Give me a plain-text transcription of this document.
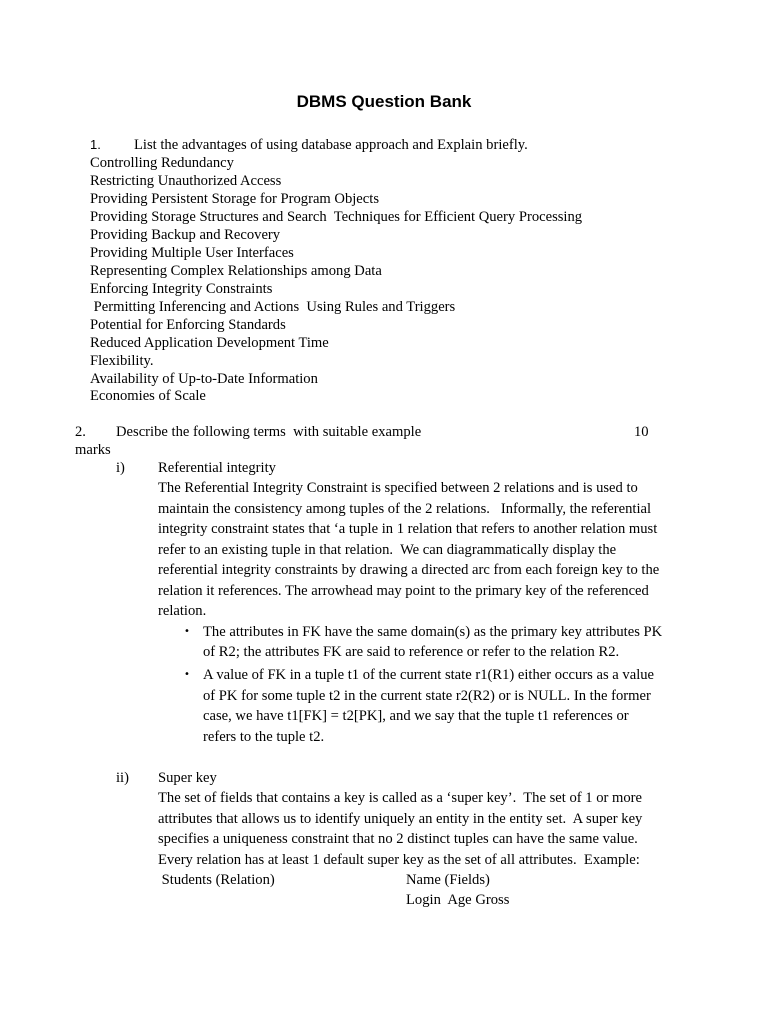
DBMS Question Bank
1. List the advantages of using database approach and Explain briefly.
Controlling Redundancy
Restricting Unauthorized Access
Providing Persistent Storage for Program Objects
Providing Storage Structures and Search  Techniques for Efficient Query Processing
Providing Backup and Recovery
Providing Multiple User Interfaces
Representing Complex Relationships among Data
Enforcing Integrity Constraints
Permitting Inferencing and Actions  Using Rules and Triggers
Potential for Enforcing Standards
Reduced Application Development Time
Flexibility.
Availability of Up-to-Date Information
Economies of Scale
2. Describe the following terms  with suitable example	10
marks
i) Referential integrity
The Referential Integrity Constraint is specified between 2 relations and is used to
maintain the consistency among tuples of the 2 relations.   Informally, the referential
integrity constraint states that ‘a tuple in 1 relation that refers to another relation must
refer to an existing tuple in that relation.  We can diagrammatically display the
referential integrity constraints by drawing a directed arc from each foreign key to the
relation it references. The arrowhead may point to the primary key of the referenced
relation.
• The attributes in FK have the same domain(s) as the primary key attributes PK
of R2; the attributes FK are said to reference or refer to the relation R2.
• A value of FK in a tuple t1 of the current state r1(R1) either occurs as a value
of PK for some tuple t2 in the current state r2(R2) or is NULL. In the former
case, we have t1[FK] = t2[PK], and we say that the tuple t1 references or
refers to the tuple t2.
ii) Super key
The set of fields that contains a key is called as a ‘super key’.  The set of 1 or more
attributes that allows us to identify uniquely an entity in the entity set.  A super key
specifies a uniqueness constraint that no 2 distinct tuples can have the same value.
Every relation has at least 1 default super key as the set of all attributes.  Example:
Students (Relation)	Name (Fields)
Login  Age Gross
